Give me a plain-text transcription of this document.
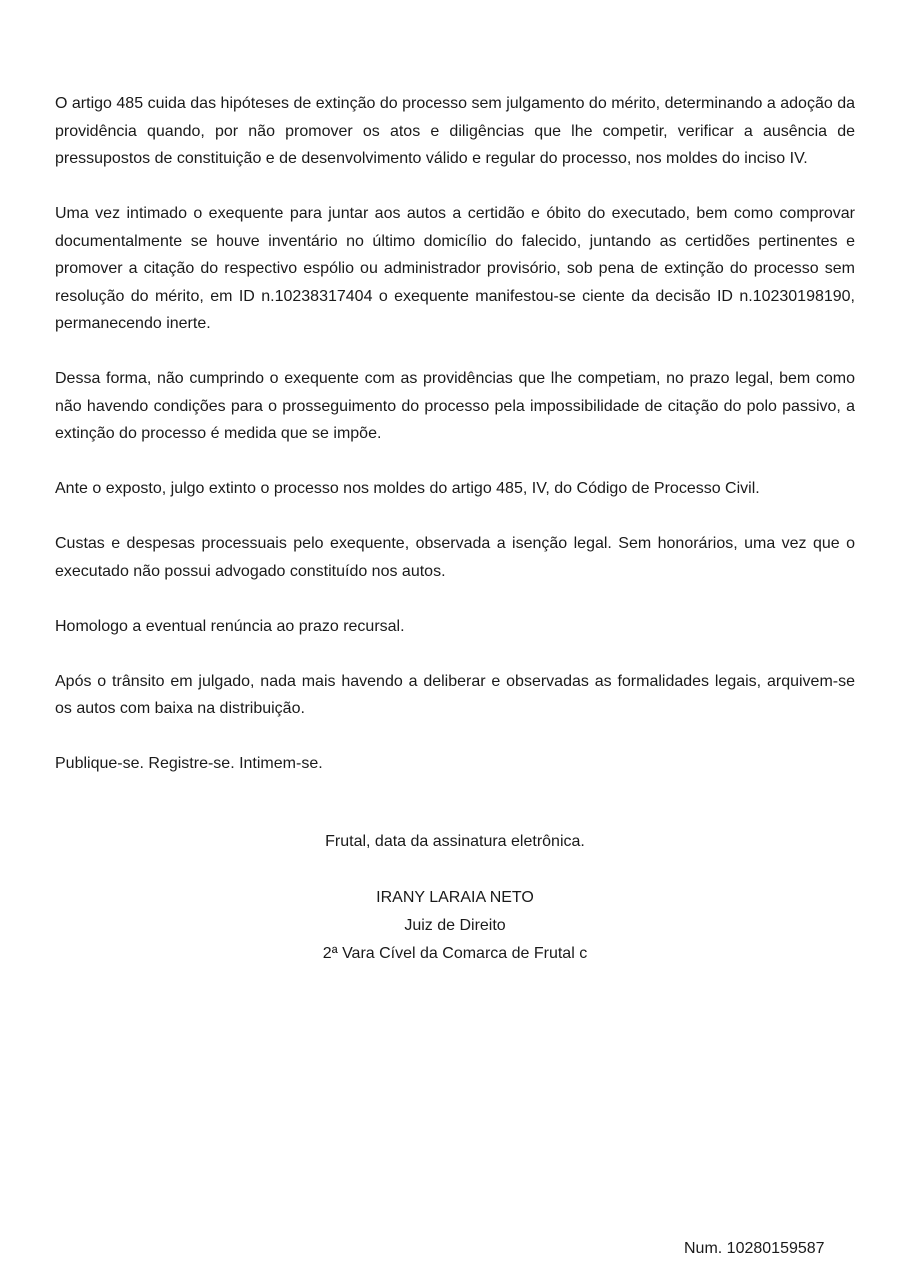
O artigo 485 cuida das hipóteses de extinção do processo sem julgamento do mérito, determinando a adoção da providência quando, por não promover os atos e diligências que lhe competir, verificar a ausência de pressupostos de constituição e de desenvolvimento válido e regular do processo, nos moldes do inciso IV.

Uma vez intimado o exequente para juntar aos autos a certidão e óbito do executado, bem como comprovar documentalmente se houve inventário no último domicílio do falecido, juntando as certidões pertinentes e promover a citação do respectivo espólio ou administrador provisório, sob pena de extinção do processo sem resolução do mérito, em ID n.10238317404 o exequente manifestou-se ciente da decisão ID n.10230198190, permanecendo inerte.

Dessa forma, não cumprindo o exequente com as providências que lhe competiam, no prazo legal, bem como não havendo condições para o prosseguimento do processo pela impossibilidade de citação do polo passivo, a extinção do processo é medida que se impõe.

Ante o exposto, julgo extinto o processo nos moldes do artigo 485, IV, do Código de Processo Civil.

Custas e despesas processuais pelo exequente, observada a isenção legal. Sem honorários, uma vez que o executado não possui advogado constituído nos autos.

Homologo a eventual renúncia ao prazo recursal.

Após o trânsito em julgado, nada mais havendo a deliberar e observadas as formalidades legais, arquivem-se os autos com baixa na distribuição.

Publique-se. Registre-se. Intimem-se.

Frutal, data da assinatura eletrônica.
IRANY LARAIA NETO
Juiz de Direito
2ª Vara Cível da Comarca de Frutal c
Num. 10280159587
